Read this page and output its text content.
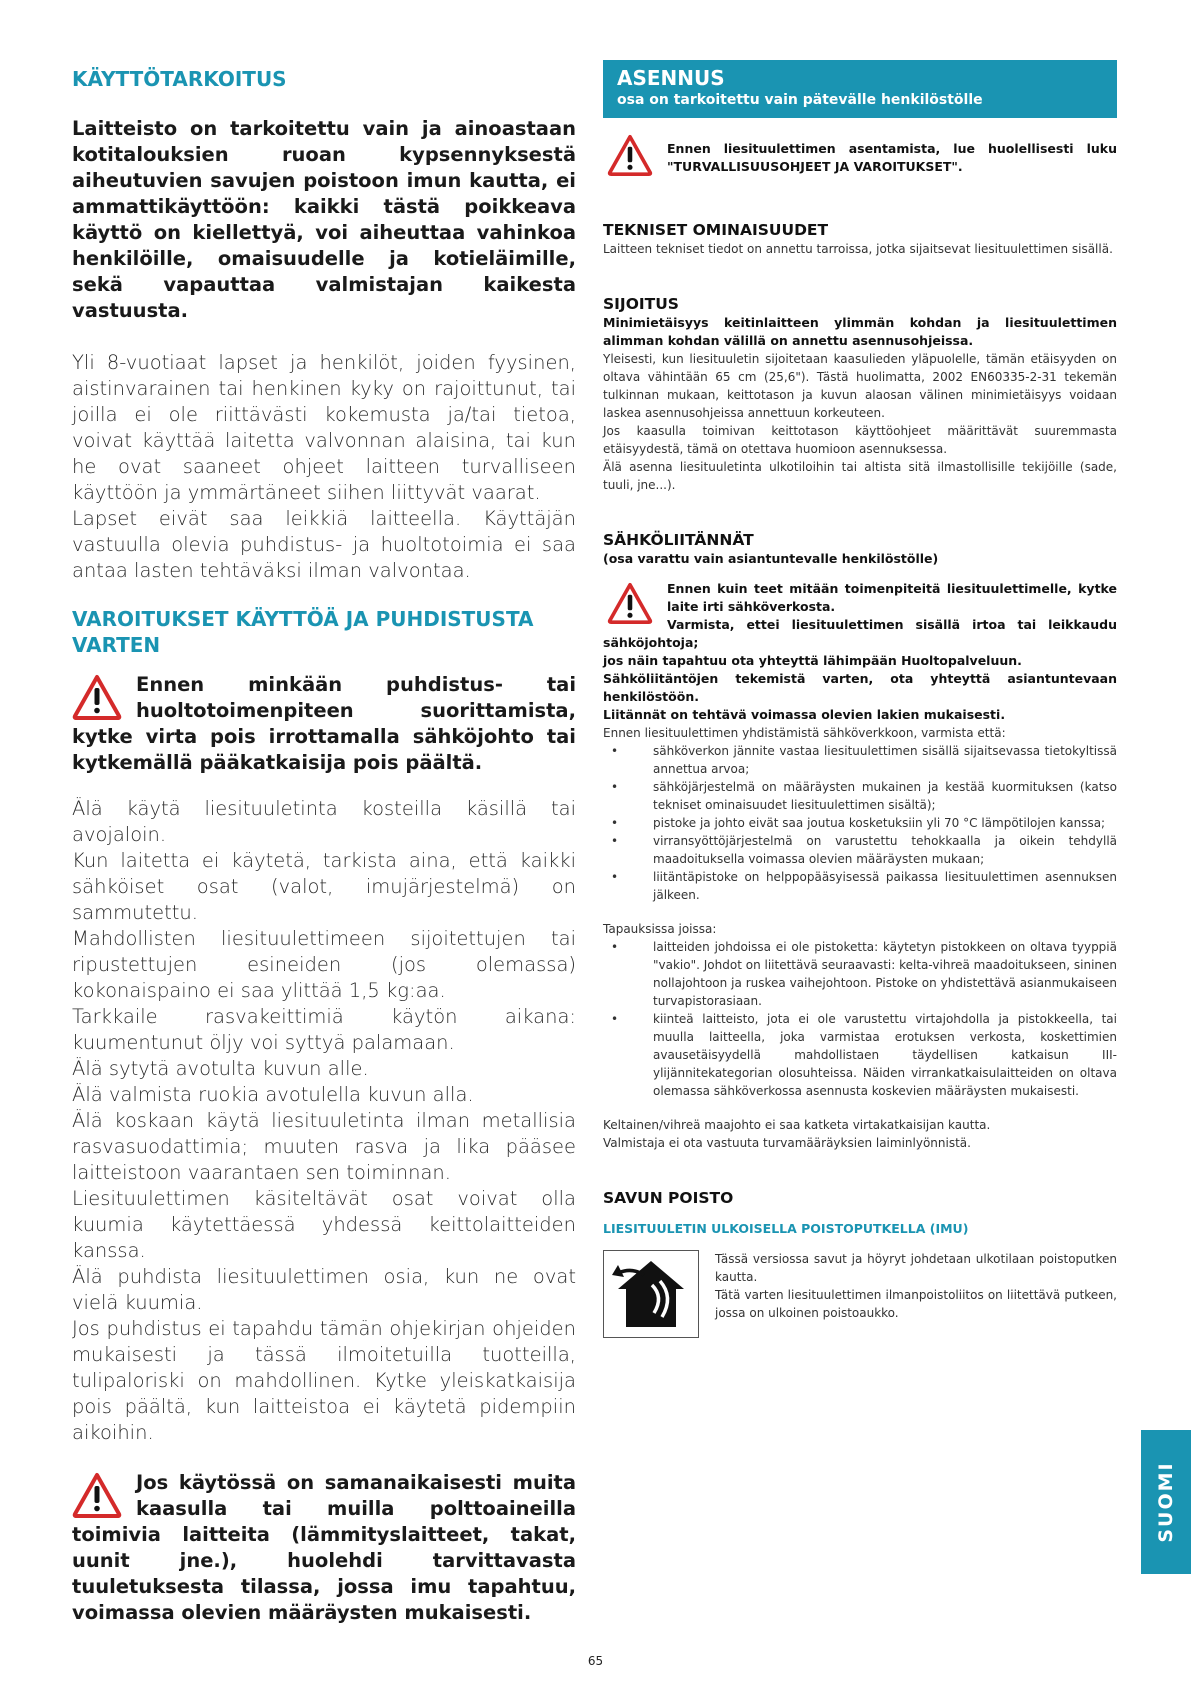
KÄYTTÖTARKOITUS

Laitteisto on tarkoitettu vain ja ainoastaan kotitalouksien ruoan kypsennyksestä aiheutuvien savujen poistoon imun kautta, ei ammattikäyttöön: kaikki tästä poikkeava käyttö on kiellettyä, voi aiheuttaa vahinkoa henkilöille, omaisuudelle ja kotieläimille, sekä vapauttaa valmistajan kaikesta vastuusta.

Yli 8-vuotiaat lapset ja henkilöt, joiden fyysinen, aistinvarainen tai henkinen kyky on rajoittunut, tai joilla ei ole riittävästi kokemusta ja/tai tietoa, voivat käyttää laitetta valvonnan alaisina, tai kun he ovat saaneet ohjeet laitteen turvalliseen käyttöön ja ymmärtäneet siihen liittyvät vaarat.

Lapset eivät saa leikkiä laitteella. Käyttäjän vastuulla olevia puhdistus- ja huoltotoimia ei saa antaa lasten tehtäväksi ilman valvontaa.

VAROITUKSET KÄYTTÖÄ JA PUHDISTUSTA VARTEN

Ennen minkään puhdistus- tai huoltotoimenpiteen suorittamista, kytke virta pois irrottamalla sähköjohto tai kytkemällä pääkatkaisija pois päältä.

Älä käytä liesituuletinta kosteilla käsillä tai avojaloin.

Kun laitetta ei käytetä, tarkista aina, että kaikki sähköiset osat (valot, imujärjestelmä) on sammutettu.

Mahdollisten liesituulettimeen sijoitettujen tai ripustettujen esineiden (jos olemassa) kokonaispaino ei saa ylittää 1,5 kg:aa.

Tarkkaile rasvakeittimiä käytön aikana: kuumentunut öljy voi syttyä palamaan.

Älä sytytä avotulta kuvun alle.

Älä valmista ruokia avotulella kuvun alla.

Älä koskaan käytä liesituuletinta ilman metallisia rasvasuodattimia; muuten rasva ja lika pääsee laitteistoon vaarantaen sen toiminnan.

Liesituulettimen käsiteltävät osat voivat olla kuumia käytettäessä yhdessä keittolaitteiden kanssa.

Älä puhdista liesituulettimen osia, kun ne ovat vielä kuumia.

Jos puhdistus ei tapahdu tämän ohjekirjan ohjeiden mukaisesti ja tässä ilmoitetuilla tuotteilla, tulipaloriski on mahdollinen. Kytke yleiskatkaisija pois päältä, kun laitteistoa ei käytetä pidempiin aikoihin.

Jos käytössä on samanaikaisesti muita kaasulla tai muilla polttoaineilla toimivia laitteita (lämmityslaitteet, takat, uunit jne.), huolehdi tarvittavasta tuuletuksesta tilassa, jossa imu tapahtuu, voimassa olevien määräysten mukaisesti.

ASENNUS
osa on tarkoitettu vain pätevälle henkilöstölle

Ennen liesituulettimen asentamista, lue huolellisesti luku "TURVALLISUUSOHJEET JA VAROITUKSET".

TEKNISET OMINAISUUDET

Laitteen tekniset tiedot on annettu tarroissa, jotka sijaitsevat liesituulettimen sisällä.

SIJOITUS

Minimietäisyys keitinlaitteen ylimmän kohdan ja liesituulettimen alimman kohdan välillä on annettu asennusohjeissa.

Yleisesti, kun liesituuletin sijoitetaan kaasulieden yläpuolelle, tämän etäisyyden on oltava vähintään 65 cm (25,6"). Tästä huolimatta, 2002 EN60335-2-31 tekemän tulkinnan mukaan, keittotason ja kuvun alaosan välinen minimietäisyys voidaan laskea asennusohjeissa annettuun korkeuteen.

Jos kaasulla toimivan keittotason käyttöohjeet määrittävät suuremmasta etäisyydestä, tämä on otettava huomioon asennuksessa.

Älä asenna liesituuletinta ulkotiloihin tai altista sitä ilmastollisille tekijöille (sade, tuuli, jne...).

SÄHKÖLIITÄNNÄT

(osa varattu vain asiantuntevalle henkilöstölle)

Ennen kuin teet mitään toimenpiteitä liesituulettimelle, kytke laite irti sähköverkosta.

Varmista, ettei liesituulettimen sisällä irtoa tai leikkaudu sähköjohtoja;

jos näin tapahtuu ota yhteyttä lähimpään Huoltopalveluun.

Sähköliitäntöjen tekemistä varten, ota yhteyttä asiantuntevaan henkilöstöön.

Liitännät on tehtävä voimassa olevien lakien mukaisesti.

Ennen liesituulettimen yhdistämistä sähköverkkoon, varmista että:

• sähköverkon jännite vastaa liesituulettimen sisällä sijaitsevassa tietokyltissä annettua arvoa;
• sähköjärjestelmä on määräysten mukainen ja kestää kuormituksen (katso tekniset ominaisuudet liesituulettimen sisältä);
• pistoke ja johto eivät saa joutua kosketuksiin yli 70 °C lämpötilojen kanssa;
• virransyöttöjärjestelmä on varustettu tehokkaalla ja oikein tehdyllä maadoituksella voimassa olevien määräysten mukaan;
• liitäntäpistoke on helppopääsyisessä paikassa liesituulettimen asennuksen jälkeen.

Tapauksissa joissa:

• laitteiden johdoissa ei ole pistoketta: käytetyn pistokkeen on oltava tyyppiä "vakio". Johdot on liitettävä seuraavasti: kelta-vihreä maadoitukseen, sininen nollajohtoon ja ruskea vaihejohtoon. Pistoke on yhdistettävä asianmukaiseen turvapistorasiaan.
• kiinteä laitteisto, jota ei ole varustettu virtajohdolla ja pistokkeella, tai muulla laitteella, joka varmistaa erotuksen verkosta, koskettimien avausetäisyydellä mahdollistaen täydellisen katkaisun III-ylijännitekategorian olosuhteissa. Näiden virrankatkaisulaitteiden on oltava olemassa sähköverkossa asennusta koskevien määräysten mukaisesti.

Keltainen/vihreä maajohto ei saa katketa virtakatkaisijan kautta.

Valmistaja ei ota vastuuta turvamääräyksien laiminlyönnistä.

SAVUN POISTO

LIESITUULETIN ULKOISELLA POISTOPUTKELLA (IMU)

Tässä versiossa savut ja höyryt johdetaan ulkotilaan poistoputken kautta.

Tätä varten liesituulettimen ilmanpoistoliitos on liitettävä putkeen, jossa on ulkoinen poistoaukko.

SUOMI
65
